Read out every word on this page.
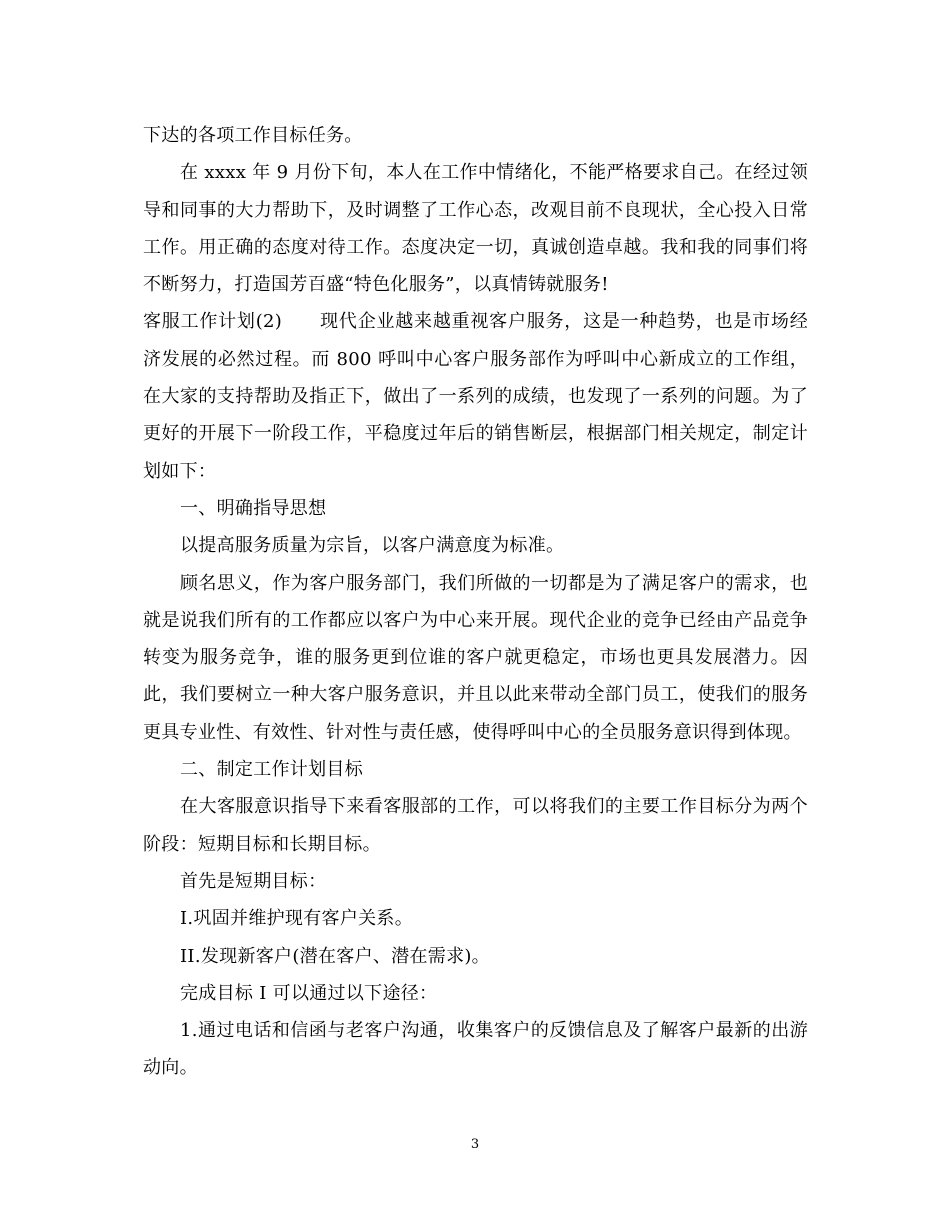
下达的各项工作目标任务。

在 xxxx 年 9 月份下旬，本人在工作中情绪化，不能严格要求自己。在经过领导和同事的大力帮助下，及时调整了工作心态，改观目前不良现状，全心投入日常工作。用正确的态度对待工作。态度决定一切，真诚创造卓越。我和我的同事们将不断努力，打造国芳百盛“特色化服务”，以真情铸就服务!

客服工作计划(2)　　现代企业越来越重视客户服务，这是一种趋势，也是市场经济发展的必然过程。而 800 呼叫中心客户服务部作为呼叫中心新成立的工作组，在大家的支持帮助及指正下，做出了一系列的成绩，也发现了一系列的问题。为了更好的开展下一阶段工作，平稳度过年后的销售断层，根据部门相关规定，制定计划如下：

一、明确指导思想

以提高服务质量为宗旨，以客户满意度为标准。

顾名思义，作为客户服务部门，我们所做的一切都是为了满足客户的需求，也就是说我们所有的工作都应以客户为中心来开展。现代企业的竞争已经由产品竞争转变为服务竞争，谁的服务更到位谁的客户就更稳定，市场也更具发展潜力。因此，我们要树立一种大客户服务意识，并且以此来带动全部门员工，使我们的服务更具专业性、有效性、针对性与责任感，使得呼叫中心的全员服务意识得到体现。

二、制定工作计划目标

在大客服意识指导下来看客服部的工作，可以将我们的主要工作目标分为两个阶段：短期目标和长期目标。

首先是短期目标：

I.巩固并维护现有客户关系。

II.发现新客户(潜在客户、潜在需求)。

完成目标 I 可以通过以下途径：

1.通过电话和信函与老客户沟通，收集客户的反馈信息及了解客户最新的出游动向。

3
